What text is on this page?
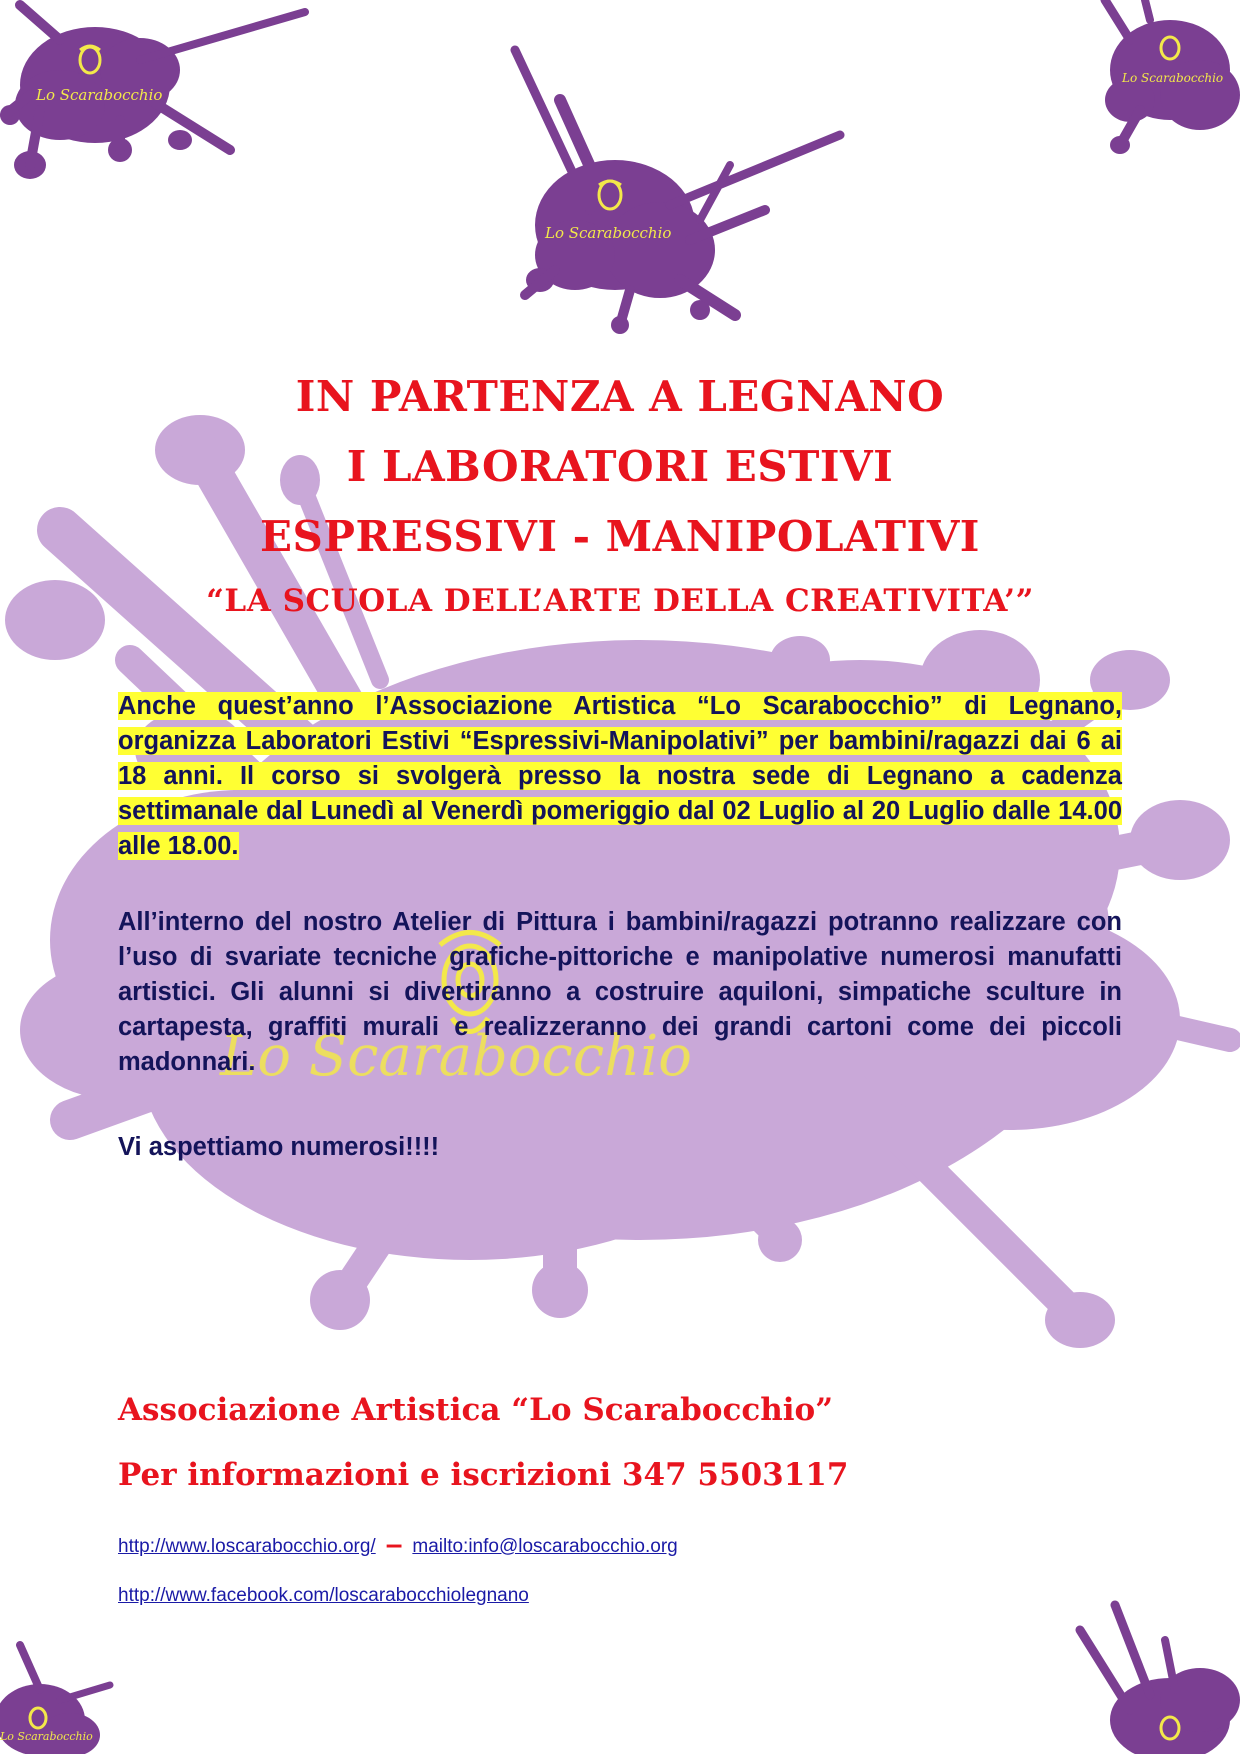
Lo Scarabocchio
Lo Scarabocchio
Lo Scarabocchio
Lo Scarabocchio
Lo Scarabocchio
IN PARTENZA A LEGNANO
I LABORATORI ESTIVI
ESPRESSIVI - MANIPOLATIVI
“LA SCUOLA DELL’ARTE DELLA CREATIVITA’”

Anche quest’anno l’Associazione Artistica “Lo Scarabocchio” di Legnano, organizza Laboratori Estivi “Espressivi-Manipolativi” per bambini/ragazzi dai 6 ai 18 anni. Il corso si svolgerà presso la nostra sede di Legnano a cadenza settimanale dal Lunedì al Venerdì pomeriggio dal 02 Luglio al 20 Luglio dalle 14.00 alle 18.00.

All’interno del nostro Atelier di Pittura i bambini/ragazzi potranno realizzare con l’uso di svariate tecniche grafiche-pittoriche e manipolative numerosi manufatti artistici. Gli alunni si divertiranno a costruire aquiloni, simpatiche sculture in cartapesta, graffiti murali e realizzeranno dei grandi cartoni come dei piccoli madonnari.

Vi aspettiamo numerosi!!!!

Associazione Artistica “Lo Scarabocchio”

Per informazioni e iscrizioni 347 5503117

http://www.loscarabocchio.org/ – mailto:info@loscarabocchio.org

http://www.facebook.com/loscarabocchiolegnano
